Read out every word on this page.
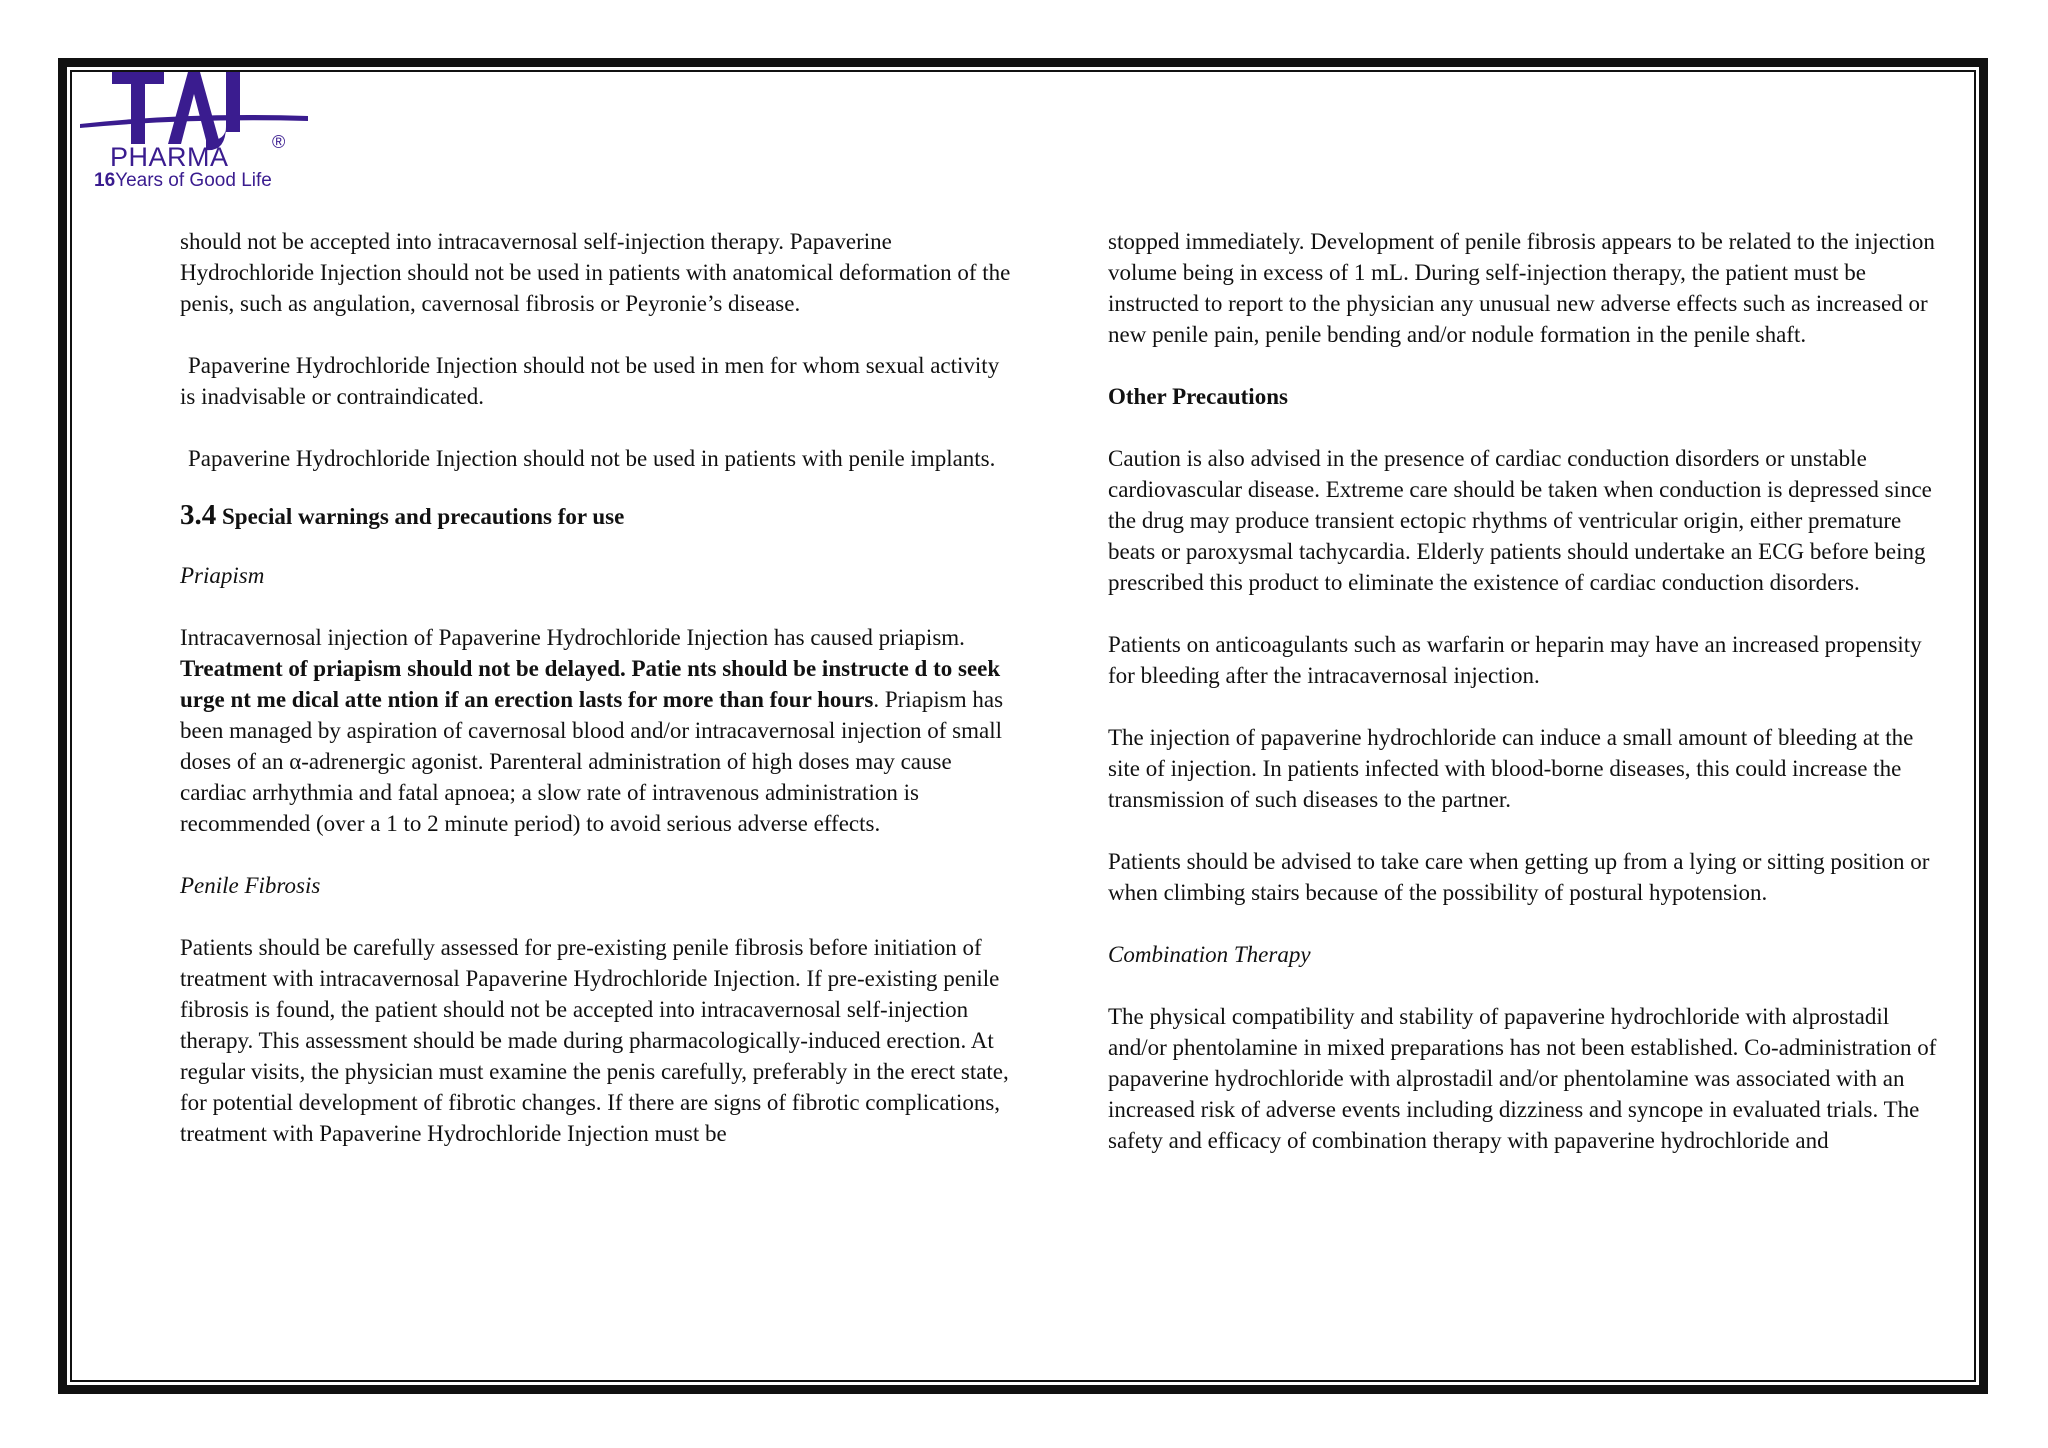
PHARMA ®
16Years of Good Life

should not be accepted into intracavernosal self-injection therapy. Papaverine Hydrochloride Injection should not be used in patients with anatomical deformation of the penis, such as angulation, cavernosal fibrosis or Peyronie’s disease.

Papaverine Hydrochloride Injection should not be used in men for whom sexual activity is inadvisable or contraindicated.

Papaverine Hydrochloride Injection should not be used in patients with penile implants.

3.4 Special warnings and precautions for use

Priapism

Intracavernosal injection of Papaverine Hydrochloride Injection has caused priapism. Treatment of priapism should not be delayed. Patie nts should be instructe d to seek urge nt me dical atte ntion if an erection lasts for more than four hours. Priapism has been managed by aspiration of cavernosal blood and/or intracavernosal injection of small doses of an α-adrenergic agonist. Parenteral administration of high doses may cause cardiac arrhythmia and fatal apnoea; a slow rate of intravenous administration is recommended (over a 1 to 2 minute period) to avoid serious adverse effects.

Penile Fibrosis

Patients should be carefully assessed for pre-existing penile fibrosis before initiation of treatment with intracavernosal Papaverine Hydrochloride Injection. If pre-existing penile fibrosis is found, the patient should not be accepted into intracavernosal self-injection therapy. This assessment should be made during pharmacologically-induced erection. At regular visits, the physician must examine the penis carefully, preferably in the erect state, for potential development of fibrotic changes. If there are signs of fibrotic complications, treatment with Papaverine Hydrochloride Injection must be

stopped immediately. Development of penile fibrosis appears to be related to the injection volume being in excess of 1 mL. During self-injection therapy, the patient must be instructed to report to the physician any unusual new adverse effects such as increased or new penile pain, penile bending and/or nodule formation in the penile shaft.

Other Precautions

Caution is also advised in the presence of cardiac conduction disorders or unstable cardiovascular disease. Extreme care should be taken when conduction is depressed since the drug may produce transient ectopic rhythms of ventricular origin, either premature beats or paroxysmal tachycardia. Elderly patients should undertake an ECG before being prescribed this product to eliminate the existence of cardiac conduction disorders.

Patients on anticoagulants such as warfarin or heparin may have an increased propensity for bleeding after the intracavernosal injection.

The injection of papaverine hydrochloride can induce a small amount of bleeding at the site of injection. In patients infected with blood-borne diseases, this could increase the transmission of such diseases to the partner.

Patients should be advised to take care when getting up from a lying or sitting position or when climbing stairs because of the possibility of postural hypotension.

Combination Therapy

The physical compatibility and stability of papaverine hydrochloride with alprostadil and/or phentolamine in mixed preparations has not been established. Co-administration of papaverine hydrochloride with alprostadil and/or phentolamine was associated with an increased risk of adverse events including dizziness and syncope in evaluated trials. The safety and efficacy of combination therapy with papaverine hydrochloride and
